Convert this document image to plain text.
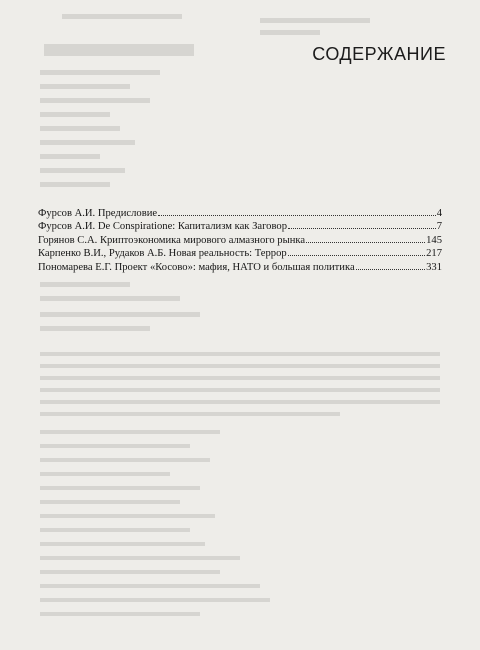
СОДЕРЖАНИЕ
Фурсов А.И. Предисловие	4
Фурсов А.И. De Conspiratione: Капитализм как Заговор	7
Горянов С.А. Криптоэкономика мирового алмазного рынка	145
Карпенко В.И., Рудаков А.Б. Новая реальность: Террор	217
Пономарева Е.Г. Проект «Косово»: мафия, НАТО и большая политика	331
